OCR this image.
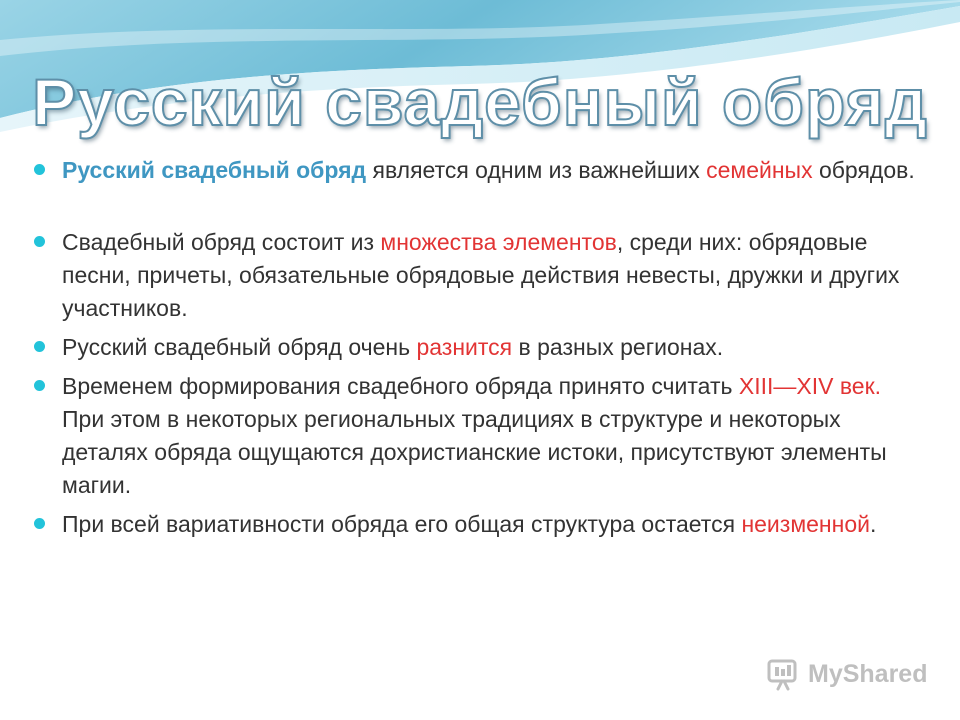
Русский свадебный обряд
Русский свадебный обряд является одним из важнейших семейных обрядов.
Свадебный обряд состоит из множества элементов, среди них: обрядовые песни, причеты, обязательные обрядовые действия невесты, дружки и других участников.
Русский свадебный обряд очень разнится в разных регионах.
Временем формирования свадебного обряда принято считать XIII—XIV век. При этом в некоторых региональных традициях в структуре и некоторых деталях обряда ощущаются дохристианские истоки, присутствуют элементы магии.
При всей вариативности обряда его общая структура остается неизменной.
MyShared
